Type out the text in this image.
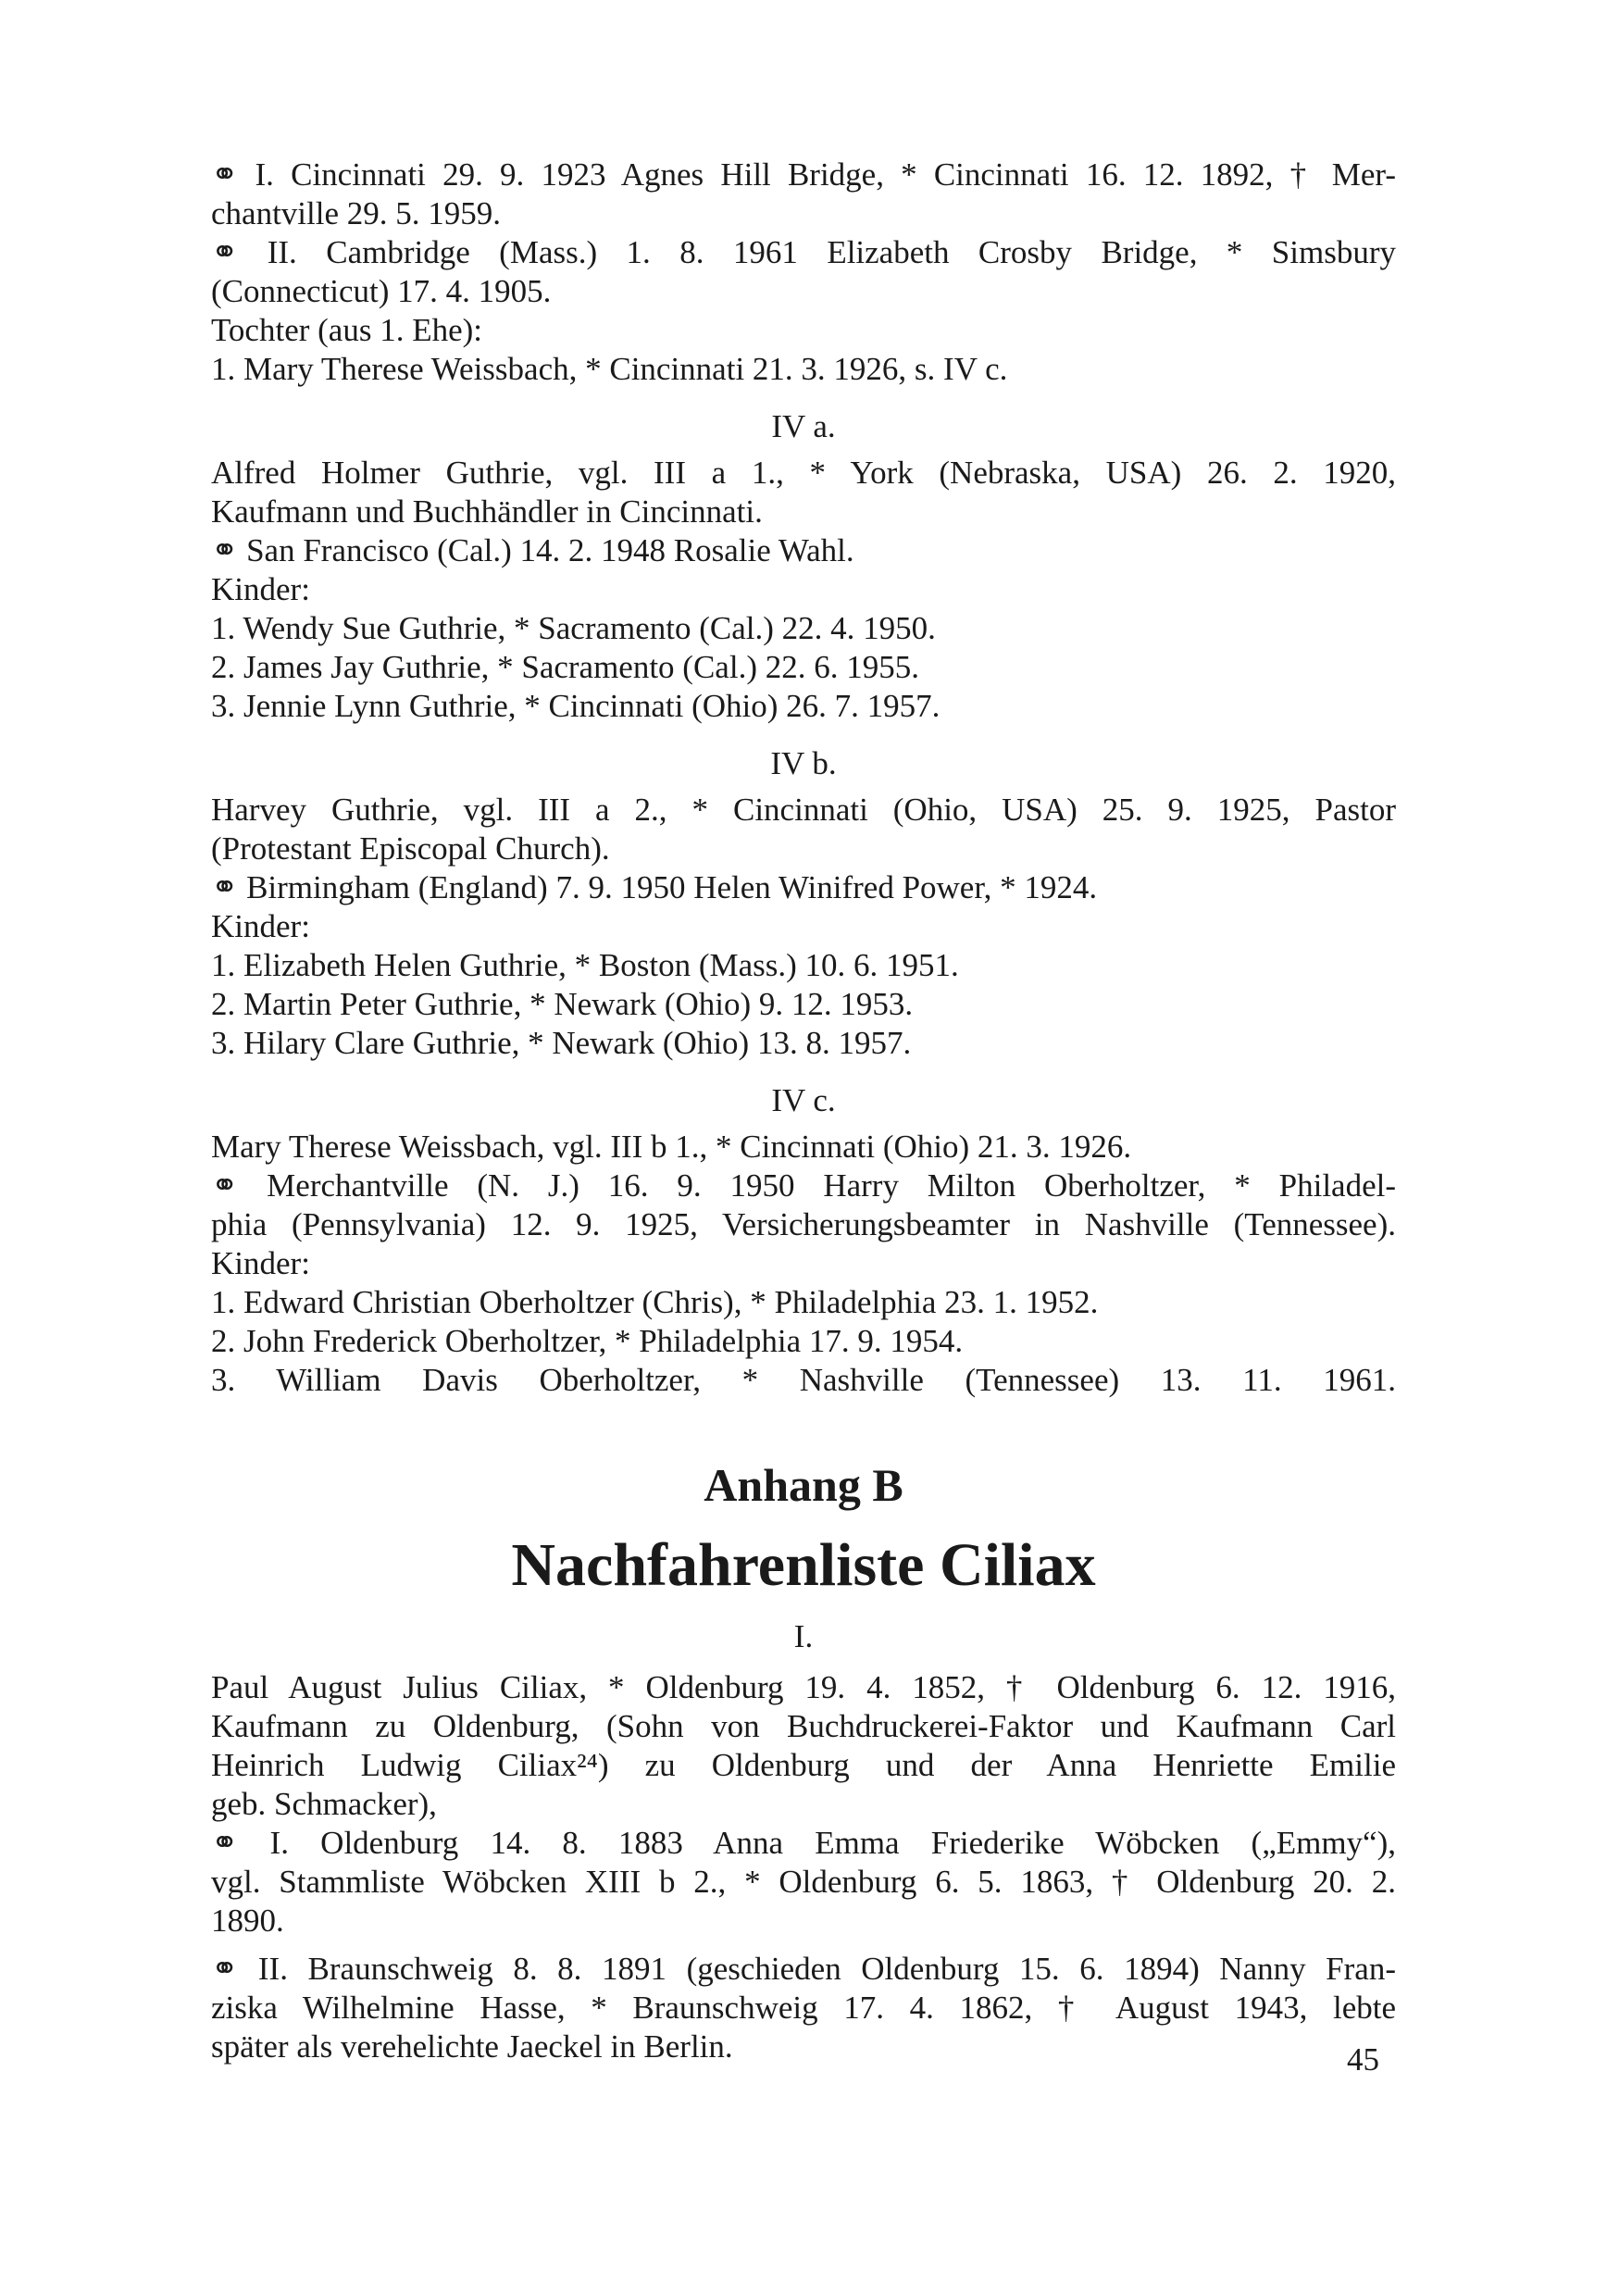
⚭ I. Cincinnati 29. 9. 1923 Agnes Hill Bridge, * Cincinnati 16. 12. 1892, † Mer-

chantville 29. 5. 1959.

⚭ II. Cambridge (Mass.) 1. 8. 1961 Elizabeth Crosby Bridge, * Simsbury

(Connecticut) 17. 4. 1905.

Tochter (aus 1. Ehe):

1. Mary Therese Weissbach, * Cincinnati 21. 3. 1926, s. IV c.

IV a.

Alfred Holmer Guthrie, vgl. III a 1., * York (Nebraska, USA) 26. 2. 1920,

Kaufmann und Buchhändler in Cincinnati.

⚭ San Francisco (Cal.) 14. 2. 1948 Rosalie Wahl.

Kinder:

1. Wendy Sue Guthrie, * Sacramento (Cal.) 22. 4. 1950.

2. James Jay Guthrie, * Sacramento (Cal.) 22. 6. 1955.

3. Jennie Lynn Guthrie, * Cincinnati (Ohio) 26. 7. 1957.

IV b.

Harvey Guthrie, vgl. III a 2., * Cincinnati (Ohio, USA) 25. 9. 1925, Pastor

(Protestant Episcopal Church).

⚭ Birmingham (England) 7. 9. 1950 Helen Winifred Power, * 1924.

Kinder:

1. Elizabeth Helen Guthrie, * Boston (Mass.) 10. 6. 1951.

2. Martin Peter Guthrie, * Newark (Ohio) 9. 12. 1953.

3. Hilary Clare Guthrie, * Newark (Ohio) 13. 8. 1957.

IV c.

Mary Therese Weissbach, vgl. III b 1., * Cincinnati (Ohio) 21. 3. 1926.

⚭ Merchantville (N. J.) 16. 9. 1950 Harry Milton Oberholtzer, * Philadel-

phia (Pennsylvania) 12. 9. 1925, Versicherungsbeamter in Nashville (Tennessee).

Kinder:

1. Edward Christian Oberholtzer (Chris), * Philadelphia 23. 1. 1952.

2. John Frederick Oberholtzer, * Philadelphia 17. 9. 1954.

3. William Davis Oberholtzer, * Nashville (Tennessee) 13. 11. 1961.

Anhang B
Nachfahrenliste Ciliax

I.

Paul August Julius Ciliax, * Oldenburg 19. 4. 1852, † Oldenburg 6. 12. 1916,

Kaufmann zu Oldenburg, (Sohn von Buchdruckerei-Faktor und Kaufmann Carl

Heinrich Ludwig Ciliax²⁴) zu Oldenburg und der Anna Henriette Emilie

geb. Schmacker),

⚭ I. Oldenburg 14. 8. 1883 Anna Emma Friederike Wöbcken („Emmy“),

vgl. Stammliste Wöbcken XIII b 2., * Oldenburg 6. 5. 1863, † Oldenburg 20. 2.

1890.

⚭ II. Braunschweig 8. 8. 1891 (geschieden Oldenburg 15. 6. 1894) Nanny Fran-

ziska Wilhelmine Hasse, * Braunschweig 17. 4. 1862, † August 1943, lebte

später als verehelichte Jaeckel in Berlin.	45
